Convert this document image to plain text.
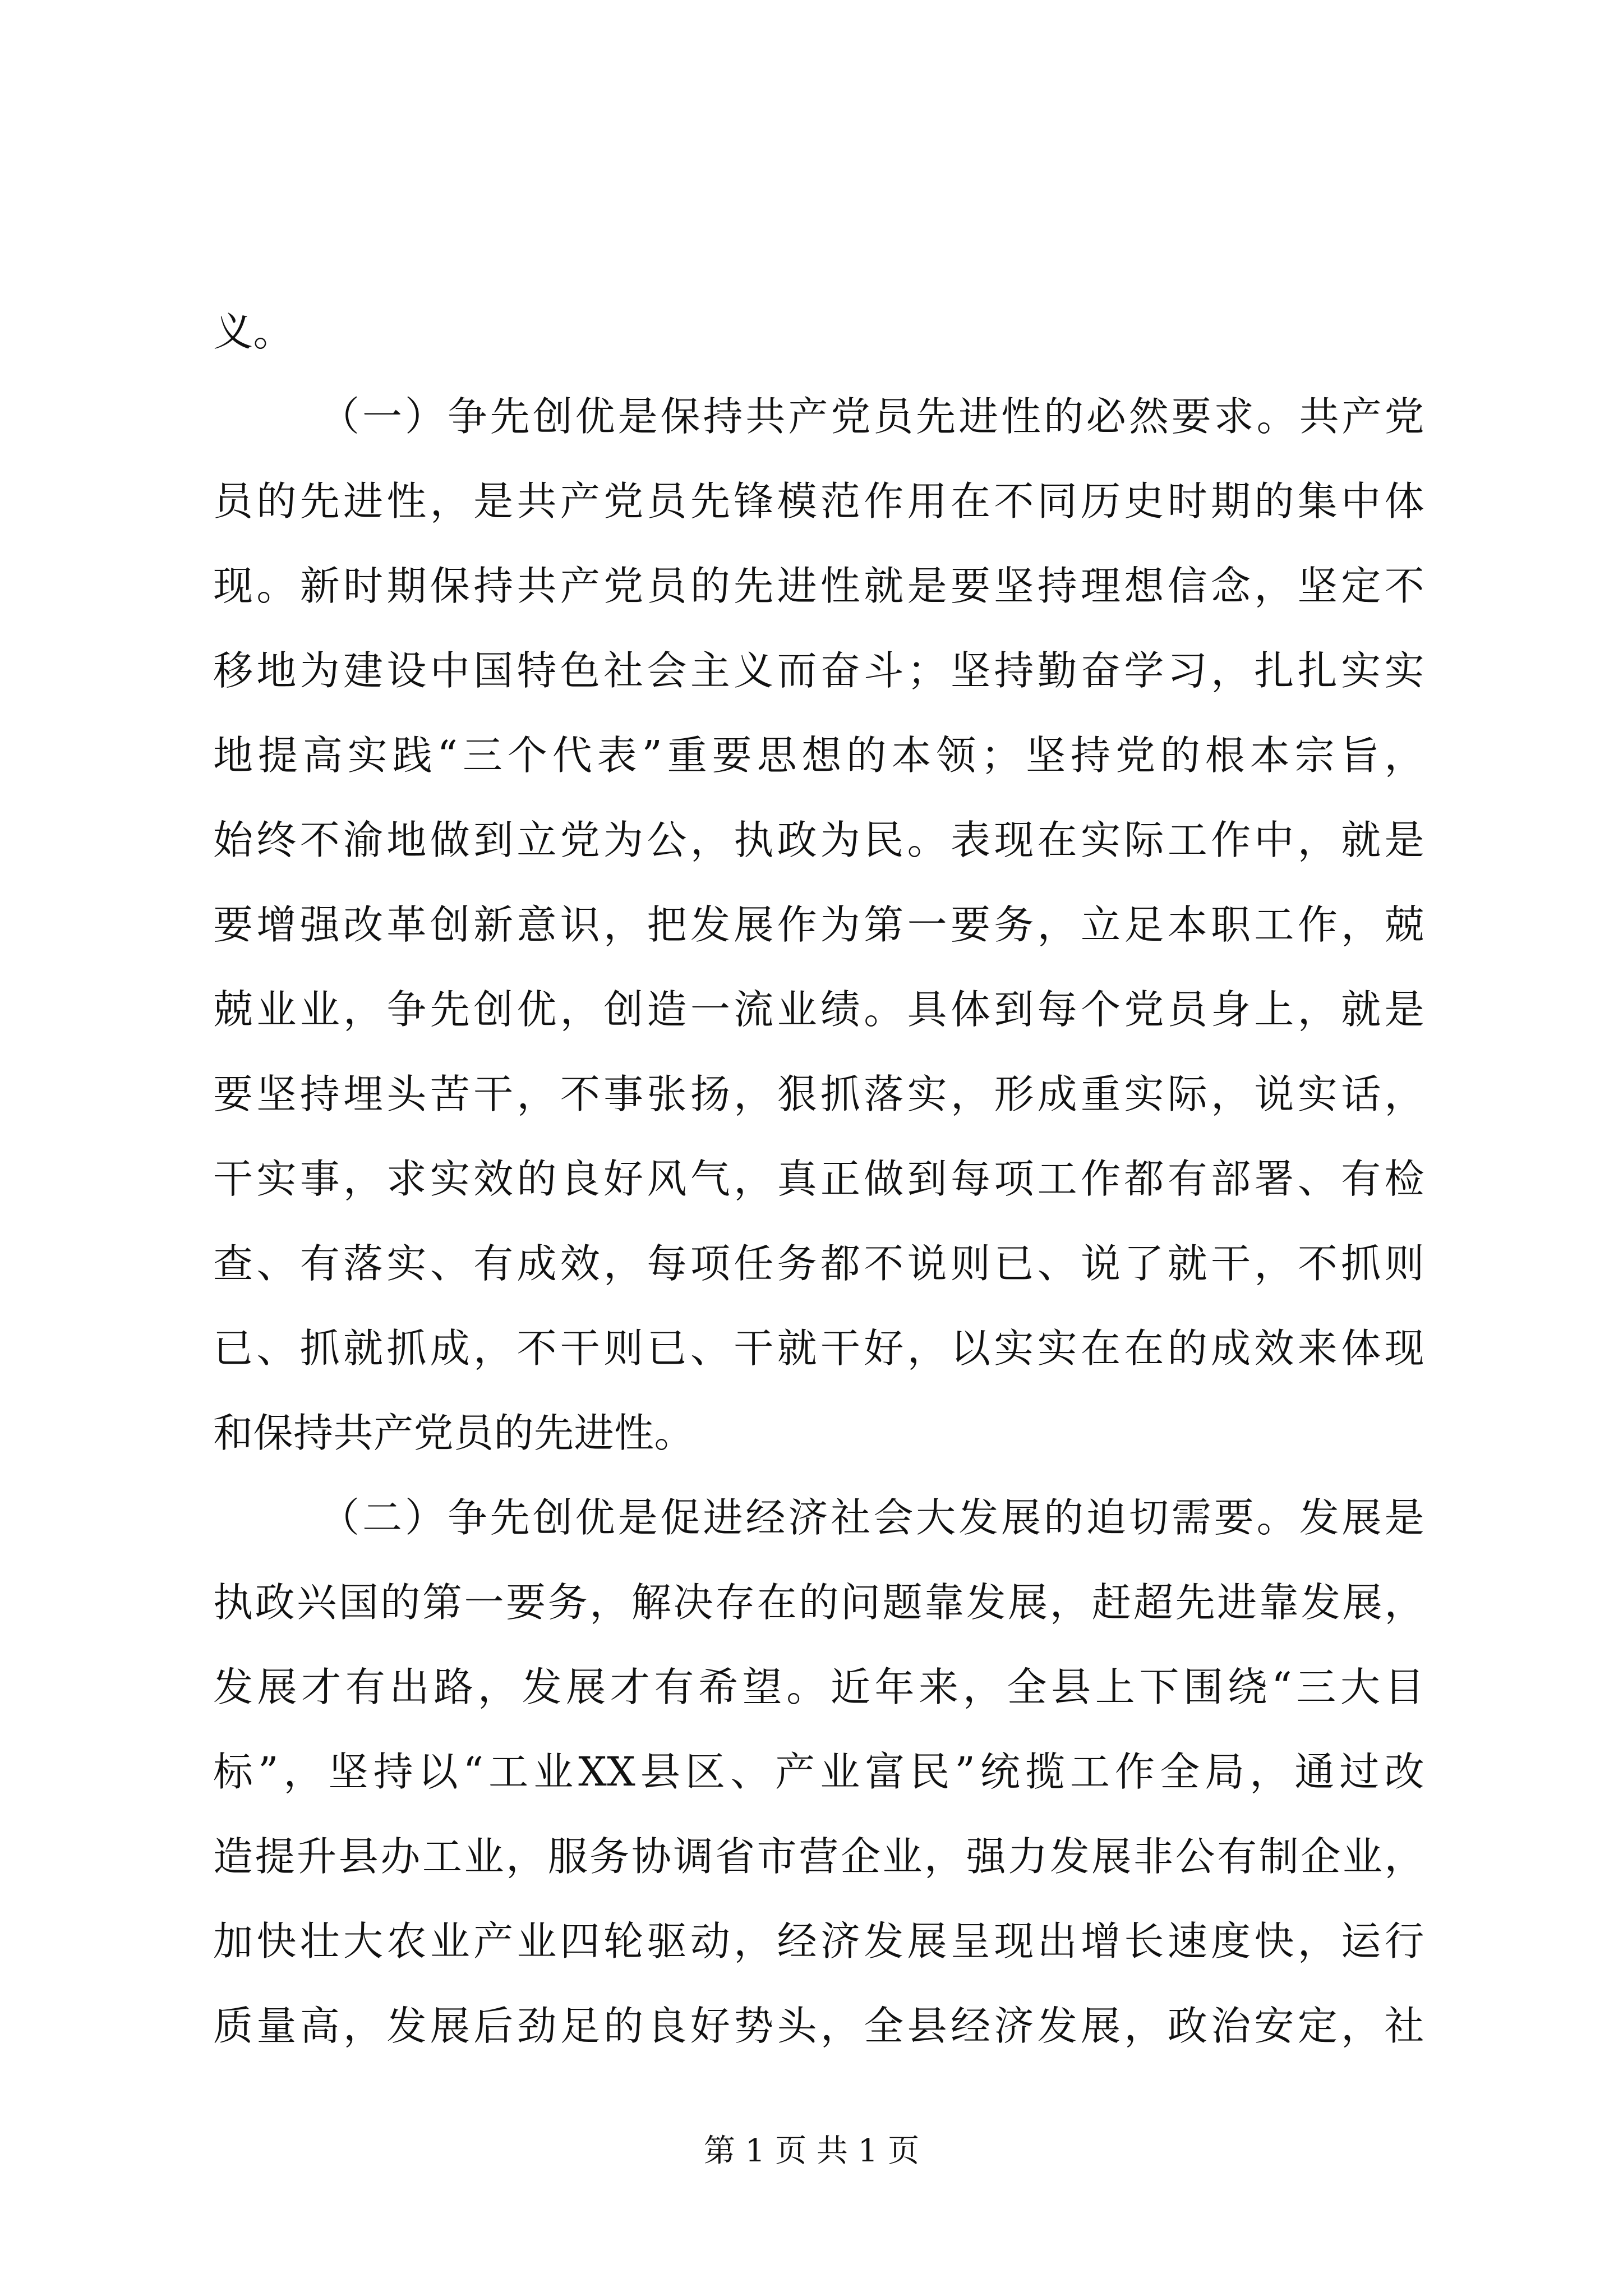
义。
（一）争先创优是保持共产党员先进性的必然要求。共产党
员的先进性，是共产党员先锋模范作用在不同历史时期的集中体
现。新时期保持共产党员的先进性就是要坚持理想信念，坚定不
移地为建设中国特色社会主义而奋斗；坚持勤奋学习，扎扎实实
地提高实践“三个代表”重要思想的本领；坚持党的根本宗旨，
始终不渝地做到立党为公，执政为民。表现在实际工作中，就是
要增强改革创新意识，把发展作为第一要务，立足本职工作，兢
兢业业，争先创优，创造一流业绩。具体到每个党员身上，就是
要坚持埋头苦干，不事张扬，狠抓落实，形成重实际，说实话，
干实事，求实效的良好风气，真正做到每项工作都有部署、有检
查、有落实、有成效，每项任务都不说则已、说了就干，不抓则
已、抓就抓成，不干则已、干就干好，以实实在在的成效来体现
和保持共产党员的先进性。
（二）争先创优是促进经济社会大发展的迫切需要。发展是
执政兴国的第一要务，解决存在的问题靠发展，赶超先进靠发展，
发展才有出路，发展才有希望。近年来，全县上下围绕“三大目
标”，坚持以“工业XX县区、产业富民”统揽工作全局，通过改
造提升县办工业，服务协调省市营企业，强力发展非公有制企业，
加快壮大农业产业四轮驱动，经济发展呈现出增长速度快，运行
质量高，发展后劲足的良好势头，全县经济发展，政治安定，社
第 1 页 共 1 页
